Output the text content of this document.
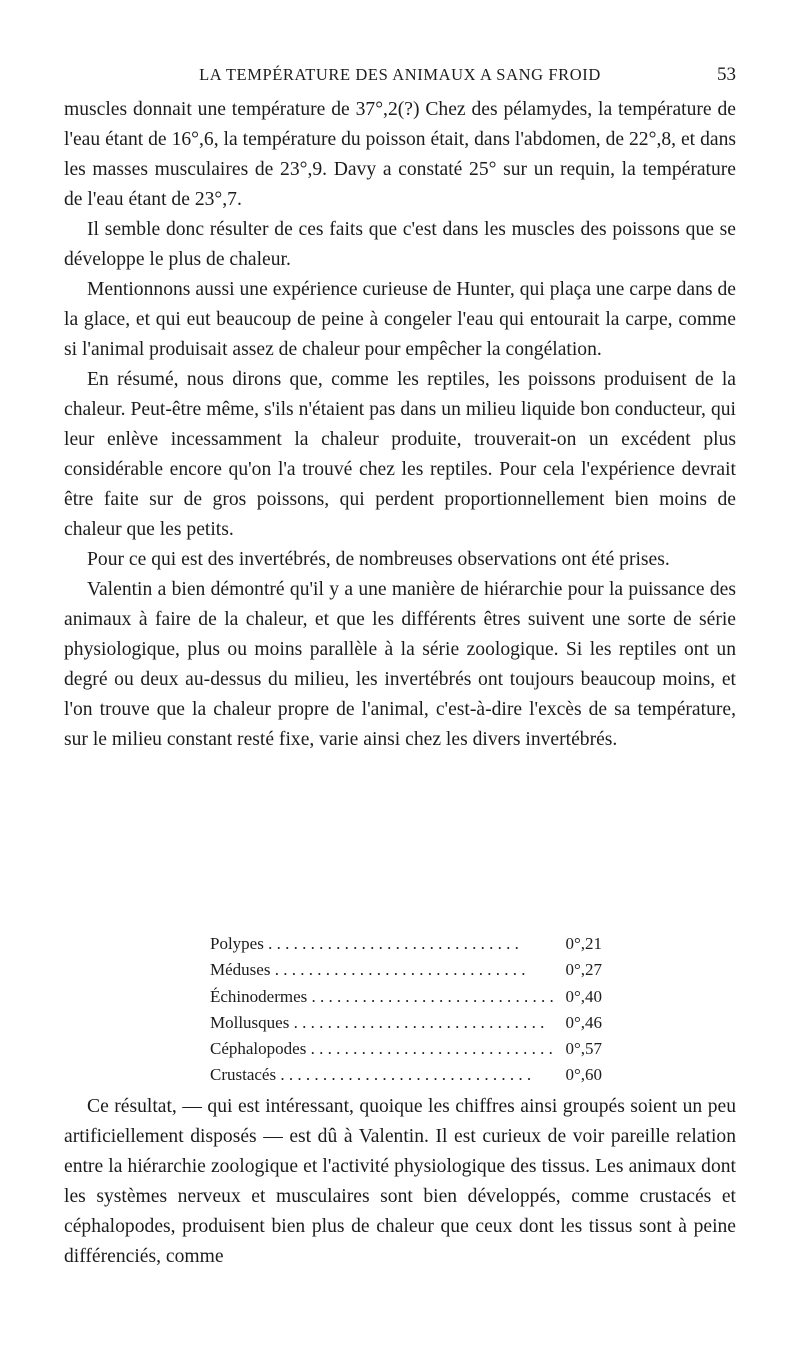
LA TEMPÉRATURE DES ANIMAUX A SANG FROID	53

muscles donnait une température de 37°,2(?) Chez des pélamydes, la température de l'eau étant de 16°,6, la température du poisson était, dans l'abdomen, de 22°,8, et dans les masses musculaires de 23°,9. Davy a constaté 25° sur un requin, la température de l'eau étant de 23°,7.

Il semble donc résulter de ces faits que c'est dans les muscles des poissons que se développe le plus de chaleur.

Mentionnons aussi une expérience curieuse de Hunter, qui plaça une carpe dans de la glace, et qui eut beaucoup de peine à congeler l'eau qui entourait la carpe, comme si l'animal produisait assez de chaleur pour empêcher la congélation.

En résumé, nous dirons que, comme les reptiles, les poissons produisent de la chaleur. Peut-être même, s'ils n'étaient pas dans un milieu liquide bon conducteur, qui leur enlève incessamment la chaleur produite, trouverait-on un excédent plus considérable encore qu'on l'a trouvé chez les reptiles. Pour cela l'expérience devrait être faite sur de gros poissons, qui perdent proportionnellement bien moins de chaleur que les petits.

Pour ce qui est des invertébrés, de nombreuses observations ont été prises.

Valentin a bien démontré qu'il y a une manière de hiérarchie pour la puissance des animaux à faire de la chaleur, et que les différents êtres suivent une sorte de série physiologique, plus ou moins parallèle à la série zoologique. Si les reptiles ont un degré ou deux au-dessus du milieu, les invertébrés ont toujours beaucoup moins, et l'on trouve que la chaleur propre de l'animal, c'est-à-dire l'excès de sa température, sur le milieu constant resté fixe, varie ainsi chez les divers invertébrés.

Polypes . . .	0°,21
Méduses . . .	0°,27
Échinodermes . . .	0°,40
Mollusques . . .	0°,46
Céphalopodes . . .	0°,57
Crustacés . . .	0°,60

Ce résultat, — qui est intéressant, quoique les chiffres ainsi groupés soient un peu artificiellement disposés — est dû à Valentin. Il est curieux de voir pareille relation entre la hiérarchie zoologique et l'activité physiologique des tissus. Les animaux dont les systèmes nerveux et musculaires sont bien développés, comme crustacés et céphalopodes, produisent bien plus de chaleur que ceux dont les tissus sont à peine différenciés, comme
